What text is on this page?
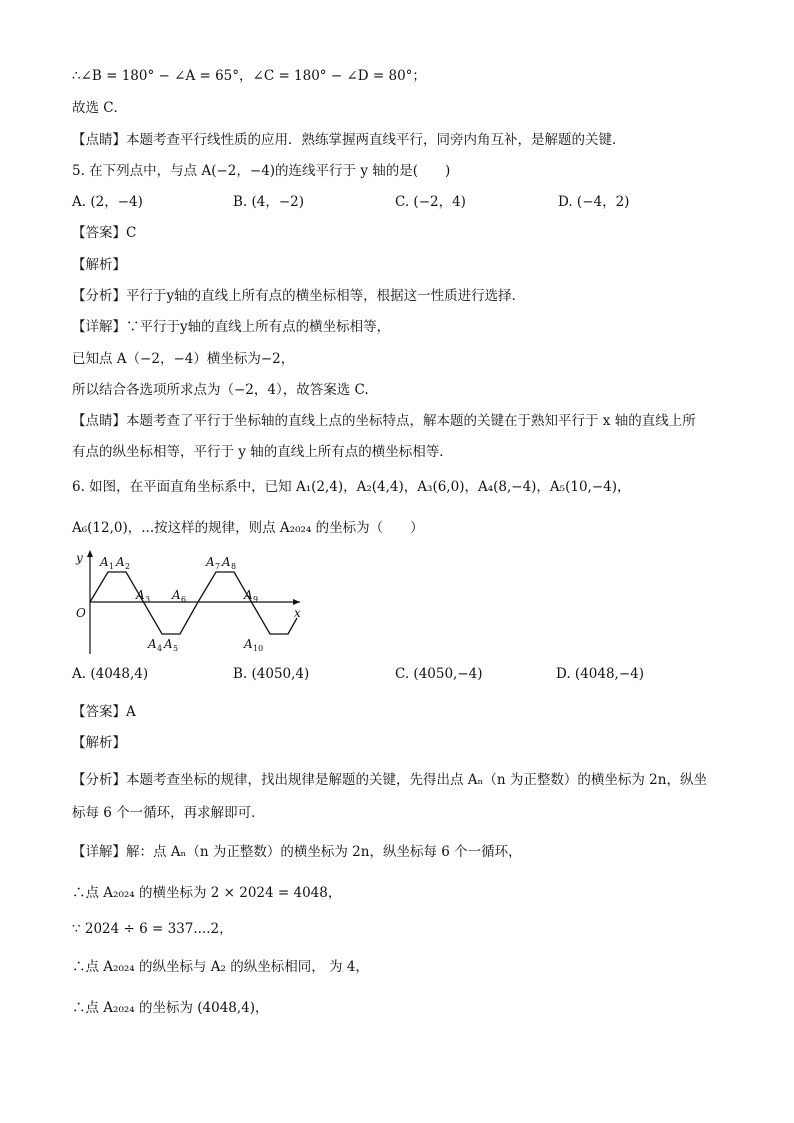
∴∠B = 180° − ∠A = 65°，∠C = 180° − ∠D = 80°；
故选 C．
【点睛】本题考查平行线性质的应用．熟练掌握两直线平行，同旁内角互补，是解题的关键．
5. 在下列点中，与点 A(−2，−4)的连线平行于 y 轴的是(　　)
A. (2，−4)	B. (4，−2)	C. (−2，4)	D. (−4，2)
【答案】C
【解析】
【分析】平行于y轴的直线上所有点的横坐标相等，根据这一性质进行选择．
【详解】∵平行于y轴的直线上所有点的横坐标相等，
已知点 A（−2，−4）横坐标为−2，
所以结合各选项所求点为（−2，4），故答案选 C.
【点睛】本题考查了平行于坐标轴的直线上点的坐标特点，解本题的关键在于熟知平行于 x 轴的直线上所
有点的纵坐标相等，平行于 y 轴的直线上所有点的横坐标相等．
6. 如图，在平面直角坐标系中，已知 A₁(2,4)，A₂(4,4)，A₃(6,0)，A₄(8,−4)，A₅(10,−4)，
A₆(12,0)，...按这样的规律，则点 A₂₀₂₄ 的坐标为（　　）
y
x
O
A 1 A 2
A 3
A 4 A 5
A 6
A 7 A 8
A 9
A 10
A. (4048,4)	B. (4050,4)	C. (4050,−4)	D. (4048,−4)
【答案】A
【解析】
【分析】本题考查坐标的规律，找出规律是解题的关键，先得出点 Aₙ（n 为正整数）的横坐标为 2n，纵坐
标每 6 个一循环，再求解即可．
【详解】解：点 Aₙ（n 为正整数）的横坐标为 2n，纵坐标每 6 个一循环，
∴点 A₂₀₂₄ 的横坐标为 2 × 2024 = 4048，
∵ 2024 ÷ 6 = 337....2，
∴点 A₂₀₂₄ 的纵坐标与 A₂ 的纵坐标相同， 为 4，
∴点 A₂₀₂₄ 的坐标为 (4048,4)，
